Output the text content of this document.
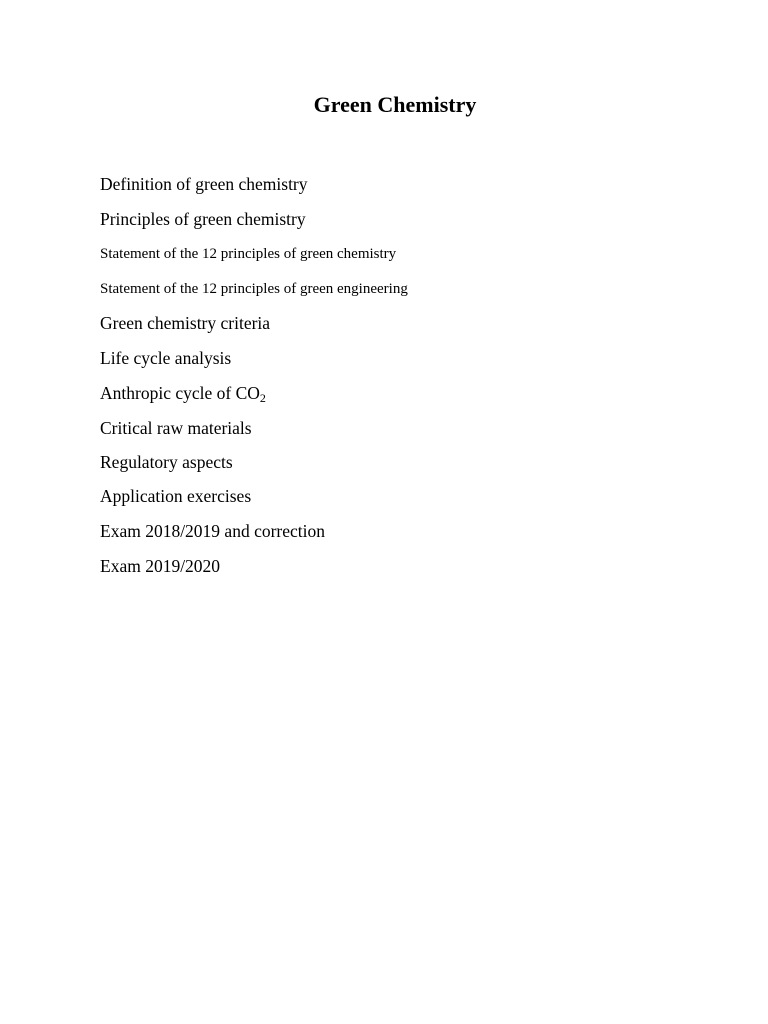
Green Chemistry
Definition of green chemistry
Principles of green chemistry
Statement of the 12 principles of green chemistry
Statement of the 12 principles of green engineering
Green chemistry criteria
Life cycle analysis
Anthropic cycle of $CO_2$
Critical raw materials
Regulatory aspects
Application exercises
Exam 2018/2019 and correction
Exam 2019/2020
